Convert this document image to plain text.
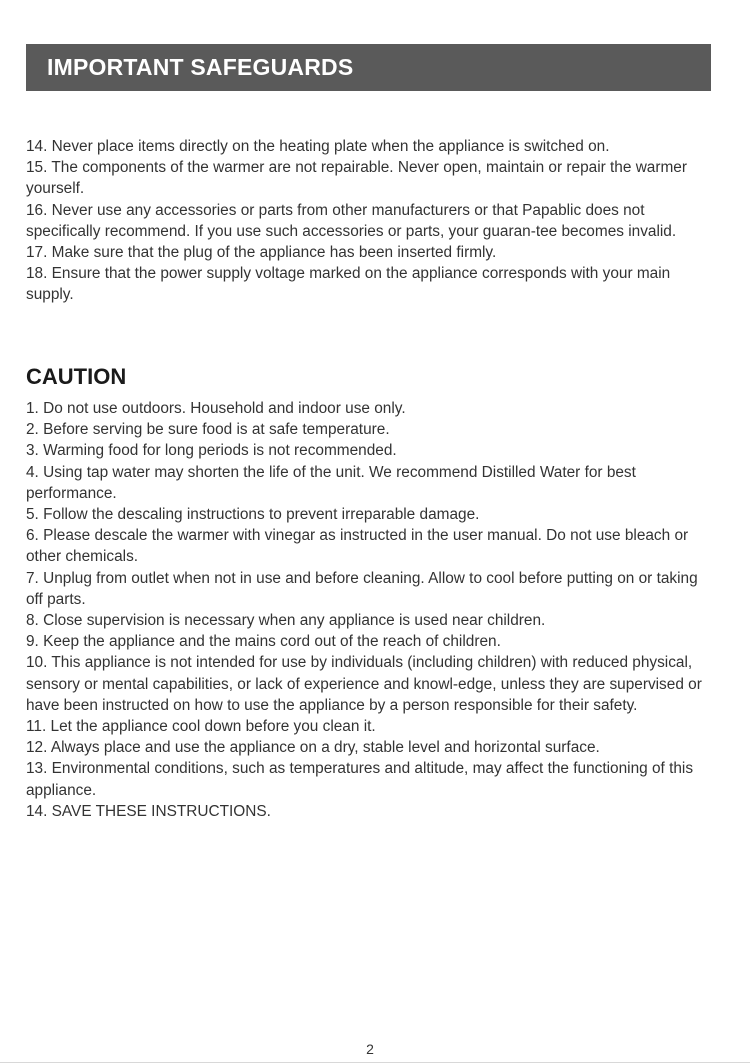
IMPORTANT SAFEGUARDS

14. Never place items directly on the heating plate when the appliance is switched on.

15. The components of the warmer are not repairable. Never open, maintain or repair the warmer yourself.

16. Never use any accessories or parts from other manufacturers or that Papablic does not specifically recommend. If you use such accessories or parts, your guaran-tee becomes invalid.

17. Make sure that the plug of the appliance has been inserted firmly.

18. Ensure that the power supply voltage marked on the appliance corresponds with your main supply.

CAUTION

1. Do not use outdoors. Household and indoor use only.

2. Before serving be sure food is at safe temperature.

3. Warming food for long periods is not recommended.

4. Using tap water may shorten the life of the unit. We recommend Distilled Water for best performance.

5. Follow the descaling instructions to prevent irreparable damage.

6. Please descale the warmer with vinegar as instructed in the user manual. Do not use bleach or other chemicals.

7. Unplug from outlet when not in use and before cleaning. Allow to cool before putting on or taking off parts.

8. Close supervision is necessary when any appliance is used near children.

9. Keep the appliance and the mains cord out of the reach of children.

10. This appliance is not intended for use by individuals (including children) with reduced physical, sensory or mental capabilities, or lack of experience and knowl-edge, unless they are supervised or have been instructed on how to use the appliance by a person responsible for their safety.

11. Let the appliance cool down before you clean it.

12. Always place and use the appliance on a dry, stable level and horizontal surface.

13. Environmental conditions, such as temperatures and altitude, may affect the functioning of this appliance.

14. SAVE THESE INSTRUCTIONS.

2
